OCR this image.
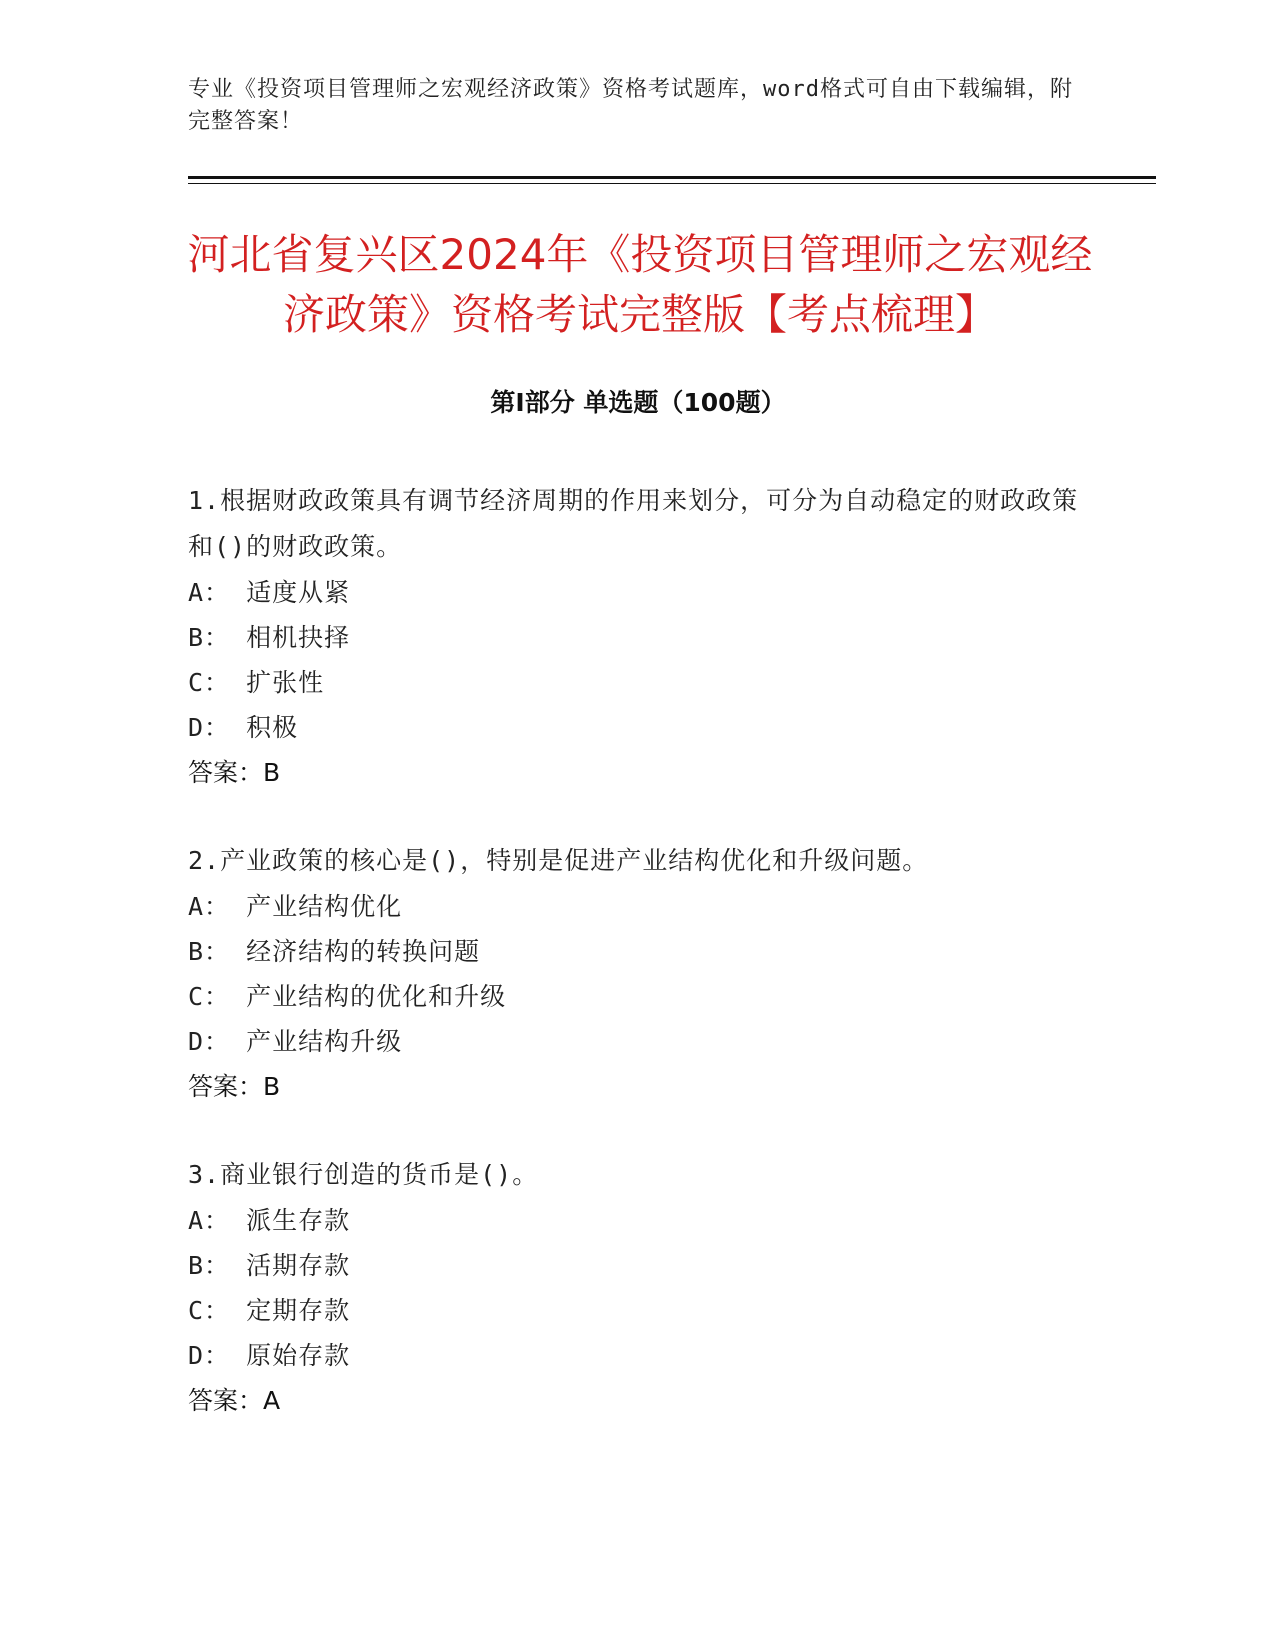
专业《投资项目管理师之宏观经济政策》资格考试题库，word格式可自由下载编辑，附完整答案！
河北省复兴区2024年《投资项目管理师之宏观经济政策》资格考试完整版【考点梳理】
第I部分 单选题（100题）
1.根据财政政策具有调节经济周期的作用来划分，可分为自动稳定的财政政策和()的财政政策。
A： 适度从紧
B： 相机抉择
C： 扩张性
D： 积极
答案：B
2.产业政策的核心是()，特别是促进产业结构优化和升级问题。
A： 产业结构优化
B： 经济结构的转换问题
C： 产业结构的优化和升级
D： 产业结构升级
答案：B
3.商业银行创造的货币是()。
A： 派生存款
B： 活期存款
C： 定期存款
D： 原始存款
答案：A
